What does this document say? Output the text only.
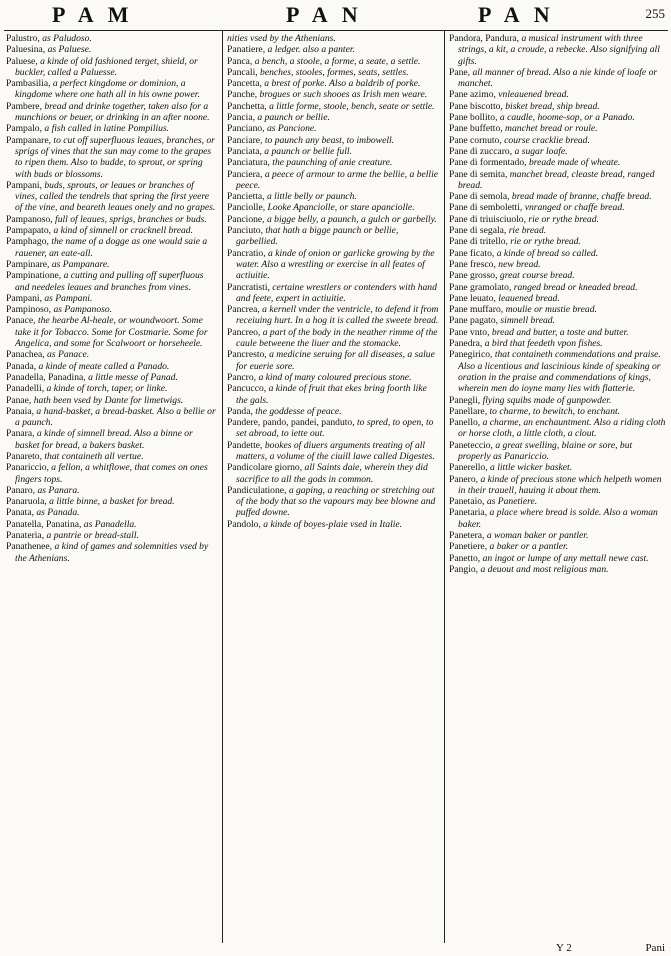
PAM	PAN	PAN	255

Palustro, as Paludoso.

Paluesina, as Paluese.

Paluese, a kinde of old fashioned terget, shield, or buckler, called a Paluesse.

Pambasilia, a perfect kingdome or dominion, a kingdome where one hath all in his owne power.

Pambere, bread and drinke together, taken also for a munchions or beuer, or drinking in an after noone.

Pampalo, a fish called in latine Pompilius.

Pampanare, to cut off superfluous leaues, branches, or sprigs of vines that the sun may come to the grapes to ripen them. Also to budde, to sprout, or spring with buds or blossoms.

Pampani, buds, sprouts, or leaues or branches of vines, called the tendrels that spring the first yeere of the vine, and beareth leaues onely and no grapes.

Pampanoso, full of leaues, sprigs, branches or buds.

Pampapato, a kind of simnell or cracknell bread.

Pamphago, the name of a dogge as one would saie a rauener, an eate-all.

Pampinare, as Pampanare.

Pampinatione, a cutting and pulling off superfluous and needeles leaues and branches from vines.

Pampani, as Pampani.

Pampinoso, as Pampanoso.

Panace, the hearbe Al-heale, or woundwoort. Some take it for Tobacco. Some for Costmarie. Some for Angelica, and some for Scalwoort or horseheele.

Panachea, as Panace.

Panada, a kinde of meate called a Panado.

Panadella, Panadina, a little messe of Panad.

Panadelli, a kinde of torch, taper, or linke.

Panae, hath been vsed by Dante for limetwigs.

Panaia, a hand-basket, a bread-basket. Also a bellie or a paunch.

Panara, a kinde of simnell bread. Also a binne or basket for bread, a bakers basket.

Panareto, that containeth all vertue.

Panariccio, a fellon, a whitflowe, that comes on ones fingers tops.

Panaro, as Panara.

Panaruola, a little binne, a basket for bread.

Panata, as Panada.

Panatella, Panatina, as Panadella.

Panateria, a pantrie or bread-stall.

Panathenee, a kind of games and solemnities vsed by the Athenians.

nities vsed by the Athenians.

Panatiere, a ledger. also a panter.

Panca, a bench, a stoole, a forme, a seate, a settle.

Pancali, benches, stooles, formes, seats, settles.

Pancetta, a brest of porke. Also a baldrib of porke.

Panche, brogues or such shooes as Irish men weare.

Panchetta, a little forme, stoole, bench, seate or settle.

Pancia, a paunch or bellie.

Panciano, as Pancione.

Panciare, to paunch any beast, to imbowell.

Panciata, a paunch or bellie full.

Panciatura, the paunching of anie creature.

Panciera, a peece of armour to arme the bellie, a bellie peece.

Pancietta, a little belly or paunch.

Panciolle, Looke Apanciolle, or stare apanciolle.

Pancione, a bigge belly, a paunch, a gulch or garbelly.

Panciuto, that hath a bigge paunch or bellie, garbellied.

Pancratio, a kinde of onion or garlicke growing by the water. Also a wrestling or exercise in all feates of actiuitie.

Pancratisti, certaine wrestlers or contenders with hand and feete, expert in actiuitie.

Pancrea, a kernell vnder the ventricle, to defend it from receiuing hurt. In a hog it is called the sweete bread.

Pancreo, a part of the body in the neather rimme of the caule betweene the liuer and the stomacke.

Pancresto, a medicine seruing for all diseases, a salue for euerie sore.

Pancro, a kind of many coloured precious stone.

Pancucco, a kinde of fruit that ekes bring foorth like the gals.

Panda, the goddesse of peace.

Pandere, pando, pandei, panduto, to spred, to open, to set abroad, to iette out.

Pandette, bookes of diuers arguments treating of all matters, a volume of the ciuill lawe called Digestes.

Pandicolare giorno, all Saints daie, wherein they did sacrifice to all the gods in common.

Pandiculatione, a gaping, a reaching or stretching out of the body that so the vapours may bee blowne and puffed downe.

Pandolo, a kinde of boyes-plaie vsed in Italie.

Pandora, Pandura, a musical instrument with three strings, a kit, a croude, a rebecke. Also signifying all gifts.

Pane, all manner of bread. Also a nie kinde of loafe or manchet.

Pane azimo, vnleauened bread.

Pane biscotto, bisket bread, ship bread.

Pane bollito, a caudle, hoome-sop, or a Panado.

Pane buffetto, manchet bread or roule.

Pane cornuto, course cracklie bread.

Pane di zuccaro, a sugar loafe.

Pane di formentado, breade made of wheate.

Pane di semita, manchet bread, cleaste bread, ranged bread.

Pane di semola, bread made of branne, chaffe bread.

Pane di semboletti, vnranged or chaffe bread.

Pane di triuisciuolo, rie or rythe bread.

Pane di segala, rie bread.

Pane di tritello, rie or rythe bread.

Pane ficato, a kinde of bread so called.

Pane fresco, new bread.

Pane grosso, great course bread.

Pane gramolato, ranged bread or kneaded bread.

Pane leuato, leauened bread.

Pane muffaro, moulie or mustie bread.

Pane pagato, simnell bread.

Pane vnto, bread and butter, a toste and butter.

Panedra, a bird that feedeth vpon fishes.

Panegirico, that containeth commendations and praise. Also a licentious and lascinious kinde of speaking or oration in the praise and commendations of kings, wherein men do ioyne many lies with flatterie.

Panegli, flying squibs made of gunpowder.

Panellare, to charme, to bewitch, to enchant.

Panello, a charme, an enchauntment. Also a riding cloth or horse cloth, a little cloth, a clout.

Paneteccio, a great swelling, blaine or sore, but properly as Panariccio.

Panerello, a little wicker basket.

Panero, a kinde of precious stone which helpeth women in their trauell, hauing it about them.

Panetaio, as Panetiere.

Panetaria, a place where bread is solde. Also a woman baker.

Panetera, a woman baker or pantler.

Panetiere, a baker or a pantler.

Panetto, an ingot or lumpe of any mettall newe cast.

Pangio, a deuout and most religious man.

Y 2	Pani
